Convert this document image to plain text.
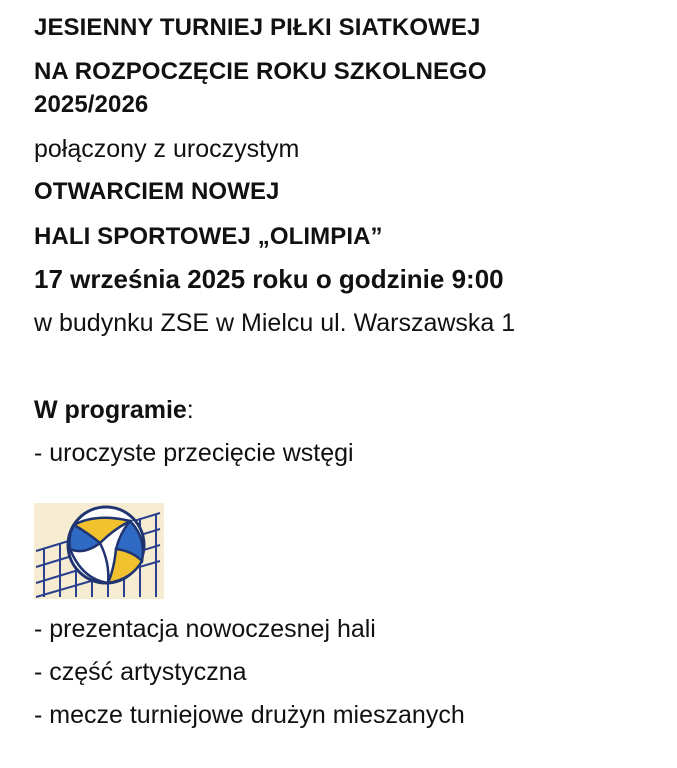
JESIENNY TURNIEJ PIŁKI SIATKOWEJ
NA ROZPOCZĘCIE ROKU SZKOLNEGO
2025/2026
połączony z uroczystym
OTWARCIEM NOWEJ
HALI SPORTOWEJ „OLIMPIA”
17 września 2025 roku o godzinie 9:00
w budynku ZSE w Mielcu ul. Warszawska 1
W programie:
- uroczyste przecięcie wstęgi
- prezentacja nowoczesnej hali
- część artystyczna
- mecze turniejowe drużyn mieszanych
